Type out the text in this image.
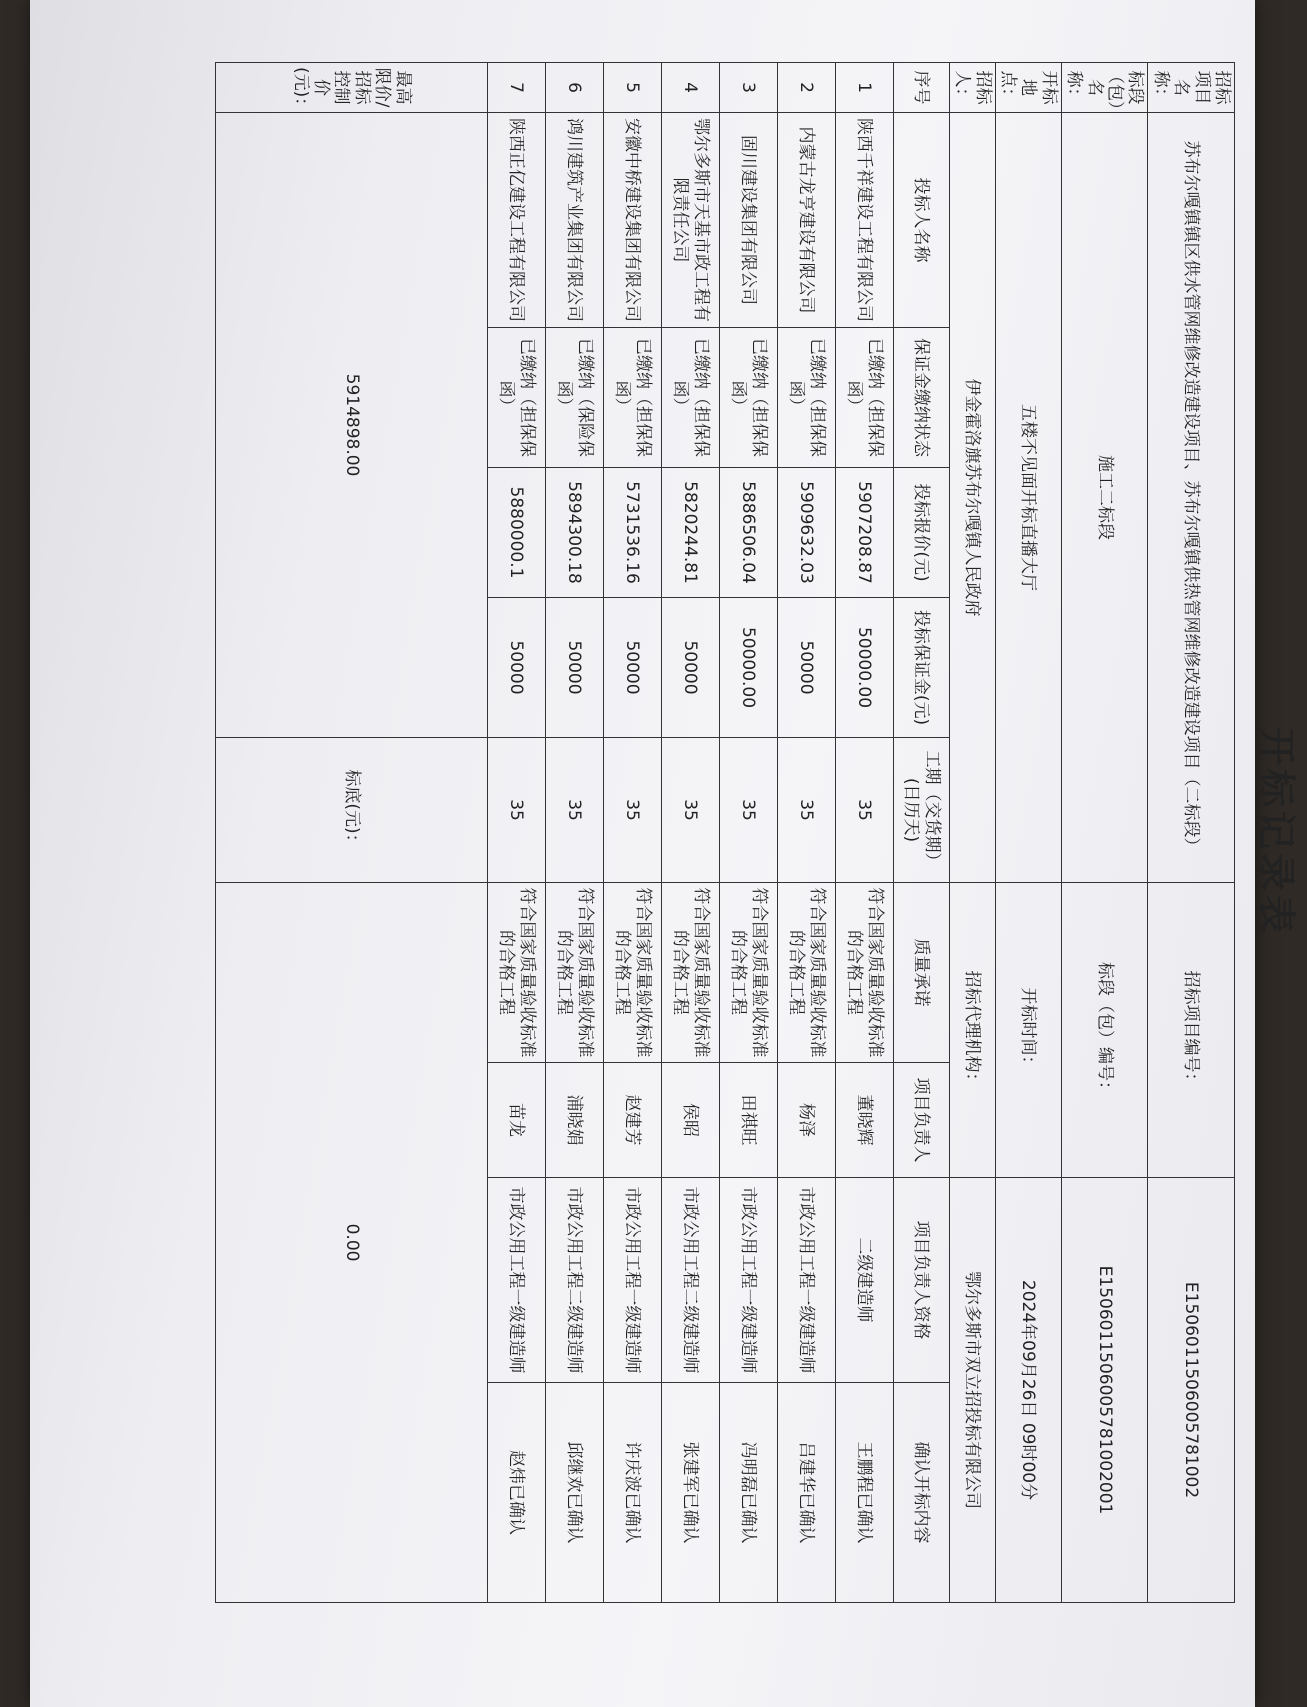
开标记录表
招标项目名称：	苏布尔嘎镇镇区供水管网维修改造建设项目、苏布尔嘎镇供热管网维修改造建设项目（二标段）					招标项目编号：		E1506011506005781002	
标段（包）名称：	施工二标段					标段（包）编号：		E1506011506005781002001	
开标地点：	五楼不见面开标直播大厅					开标时间：		2024年09月26日 09时00分	
招标人：	伊金霍洛旗苏布尔嘎镇人民政府					招标代理机构：		鄂尔多斯市双立招投标有限公司	
序号	投标人名称	保证金缴纳状态	投标报价(元)	投标保证金(元)	工期（交货期）(日历天)	质量承诺	项目负责人	项目负责人资格	确认开标内容
1	陕西千祥建设工程有限公司	已缴纳（担保保函）	5907208.87	50000.00	35	符合国家质量验收标准的合格工程	董晓辉	二级建造师	王鹏程已确认
2	内蒙古龙亨建设有限公司	已缴纳（担保保函）	5909632.03	50000	35	符合国家质量验收标准的合格工程	杨泽	市政公用工程一级建造师	吕建华已确认
3	固川建设集团有限公司	已缴纳（担保保函）	5886506.04	50000.00	35	符合国家质量验收标准的合格工程	田祺旺	市政公用工程一级建造师	冯明磊已确认
4	鄂尔多斯市天基市政工程有限责任公司	已缴纳（担保保函）	5820244.81	50000	35	符合国家质量验收标准的合格工程	侯昭	市政公用工程二级建造师	张建军已确认
5	安徽中桥建设集团有限公司	已缴纳（担保保函）	5731536.16	50000	35	符合国家质量验收标准的合格工程	赵建芳	市政公用工程一级建造师	许庆波已确认
6	鸿川建筑产业集团有限公司	已缴纳（保险保函）	5894300.18	50000	35	符合国家质量验收标准的合格工程	浦晓娟	市政公用工程二级建造师	邱继欢已确认
7	陕西正亿建设工程有限公司	已缴纳（担保保函）	5880000.1	50000	35	符合国家质量验收标准的合格工程	苗龙	市政公用工程一级建造师	赵炜已确认
最高限价/招标控制价(元)：	5914898.00				标底(元)：	0.00			
